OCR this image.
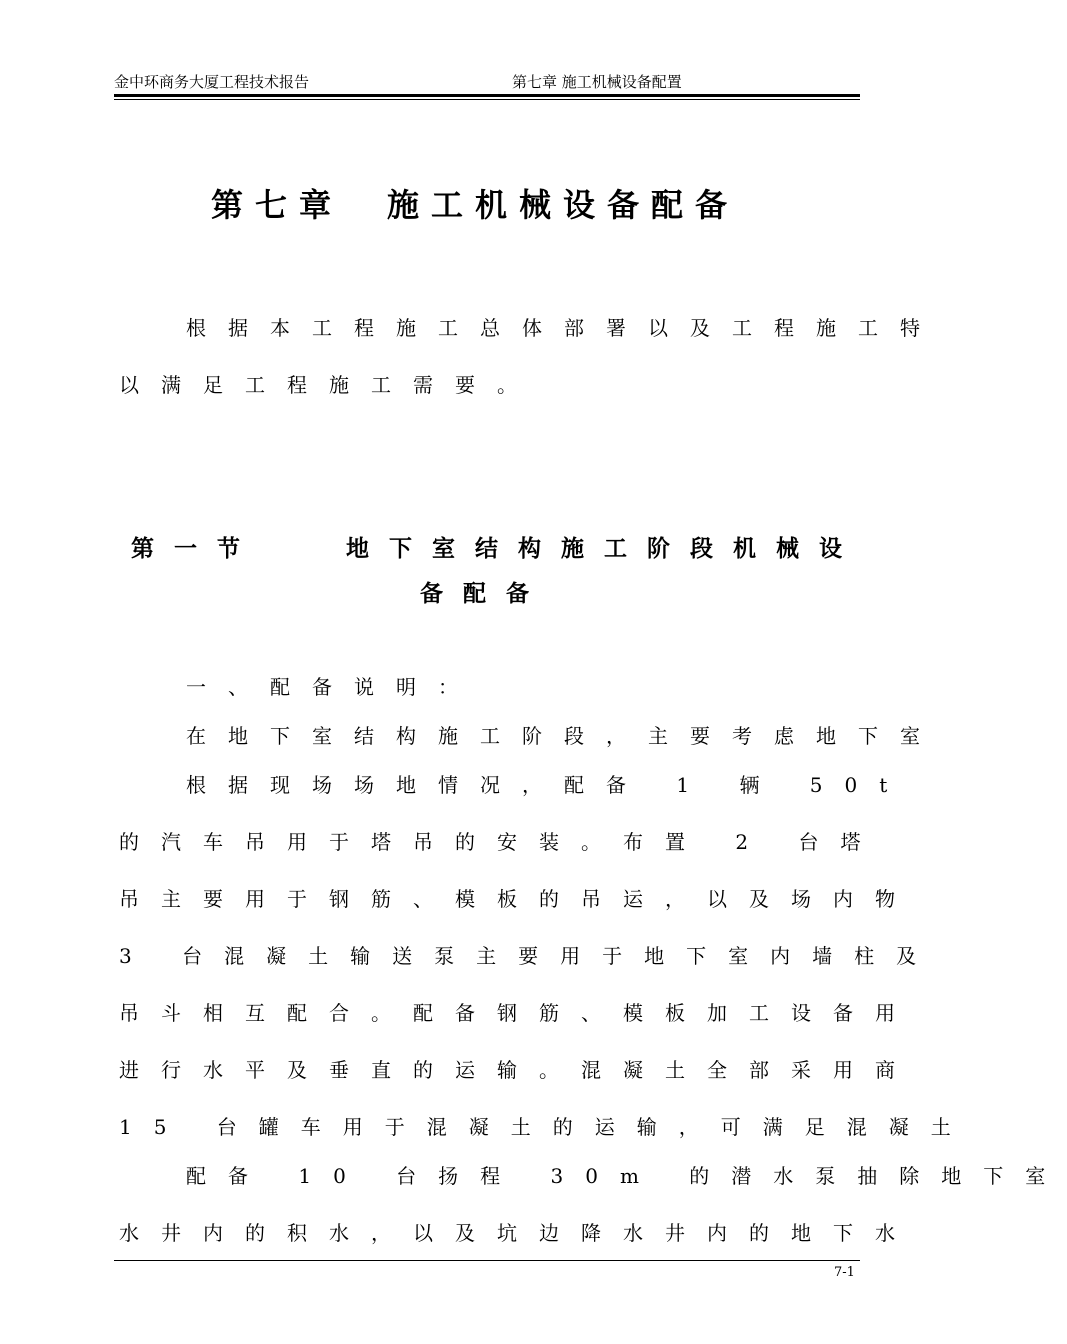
金中环商务大厦工程技术报告	第七章 施工机械设备配置
第七章　施工机械设备配备
根据本工程施工总体部署以及工程施工特
以满足工程施工需要。
第一节　　地下室结构施工阶段机械设
备配备
一、配备说明：
在地下室结构施工阶段，主要考虑地下室
根据现场场地情况，配备 1 辆 50t
的汽车吊用于塔吊的安装。布置 2 台塔
吊主要用于钢筋、模板的吊运，以及场内物
3 台混凝土输送泵主要用于地下室内墙柱及
吊斗相互配合。配备钢筋、模板加工设备用
进行水平及垂直的运输。混凝土全部采用商
15 台罐车用于混凝土的运输，可满足混凝土
配备 10 台扬程 30m 的潜水泵抽除地下室
水井内的积水，以及坑边降水井内的地下水
7-1
